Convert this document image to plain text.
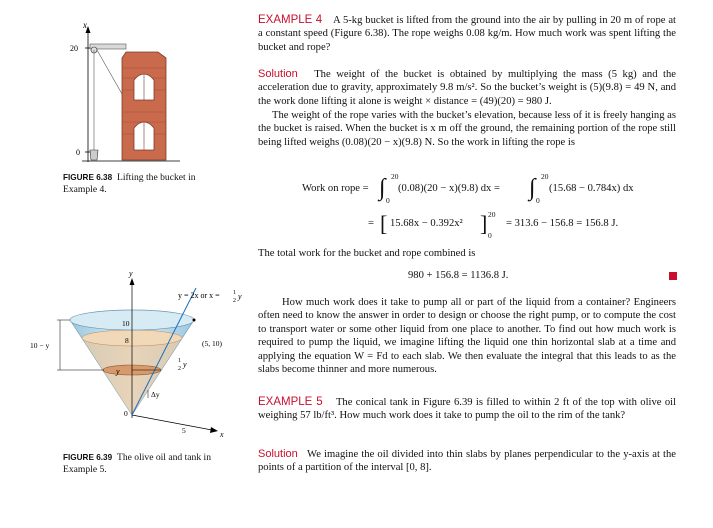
x
20
0
FIGURE 6.38 Lifting the bucket in
Example 4.
y
x
y = 2x or x = 1
2 y
10
8
10 − y	(5, 10)
y
1
2 y
Δy
0
5
FIGURE 6.39 The olive oil and tank in
Example 5.
EXAMPLE 4 A 5-kg bucket is lifted from the ground into the air by pulling in 20 m of rope at a constant speed (Figure 6.38). The rope weighs 0.08 kg/m. How much work was spent lifting the bucket and rope?
Solution The weight of the bucket is obtained by multiplying the mass (5 kg) and the acceleration due to gravity, approximately 9.8 m/s². So the bucket’s weight is (5)(9.8) = 49 N, and the work done lifting it alone is weight × distance = (49)(20) = 980 J.
The weight of the rope varies with the bucket’s elevation, because less of it is freely hanging as the bucket is raised. When the bucket is x m off the ground, the remaining portion of the rope still being lifted weighs (0.08)(20 − x)(9.8) N. So the work in lifting the rope is
Work on rope = ∫ 20
0
(0.08)(20 − x)(9.8) dx = ∫ 20
0
(15.68 − 0.784x) dx
= [ 15.68x − 0.392x² ] 20
0
= 313.6 − 156.8 = 156.8 J.
The total work for the bucket and rope combined is
980 + 156.8 = 1136.8 J.
How much work does it take to pump all or part of the liquid from a container? Engineers often need to know the answer in order to design or choose the right pump, or to compute the cost to transport water or some other liquid from one place to another. To find out how much work is required to pump the liquid, we imagine lifting the liquid one thin horizontal slab at a time and applying the equation W = Fd to each slab. We then evaluate the integral that this leads to as the slabs become thinner and more numerous.
EXAMPLE 5 The conical tank in Figure 6.39 is filled to within 2 ft of the top with olive oil weighing 57 lb/ft³. How much work does it take to pump the oil to the rim of the tank?
Solution We imagine the oil divided into thin slabs by planes perpendicular to the y-axis at the points of a partition of the interval [0, 8].
